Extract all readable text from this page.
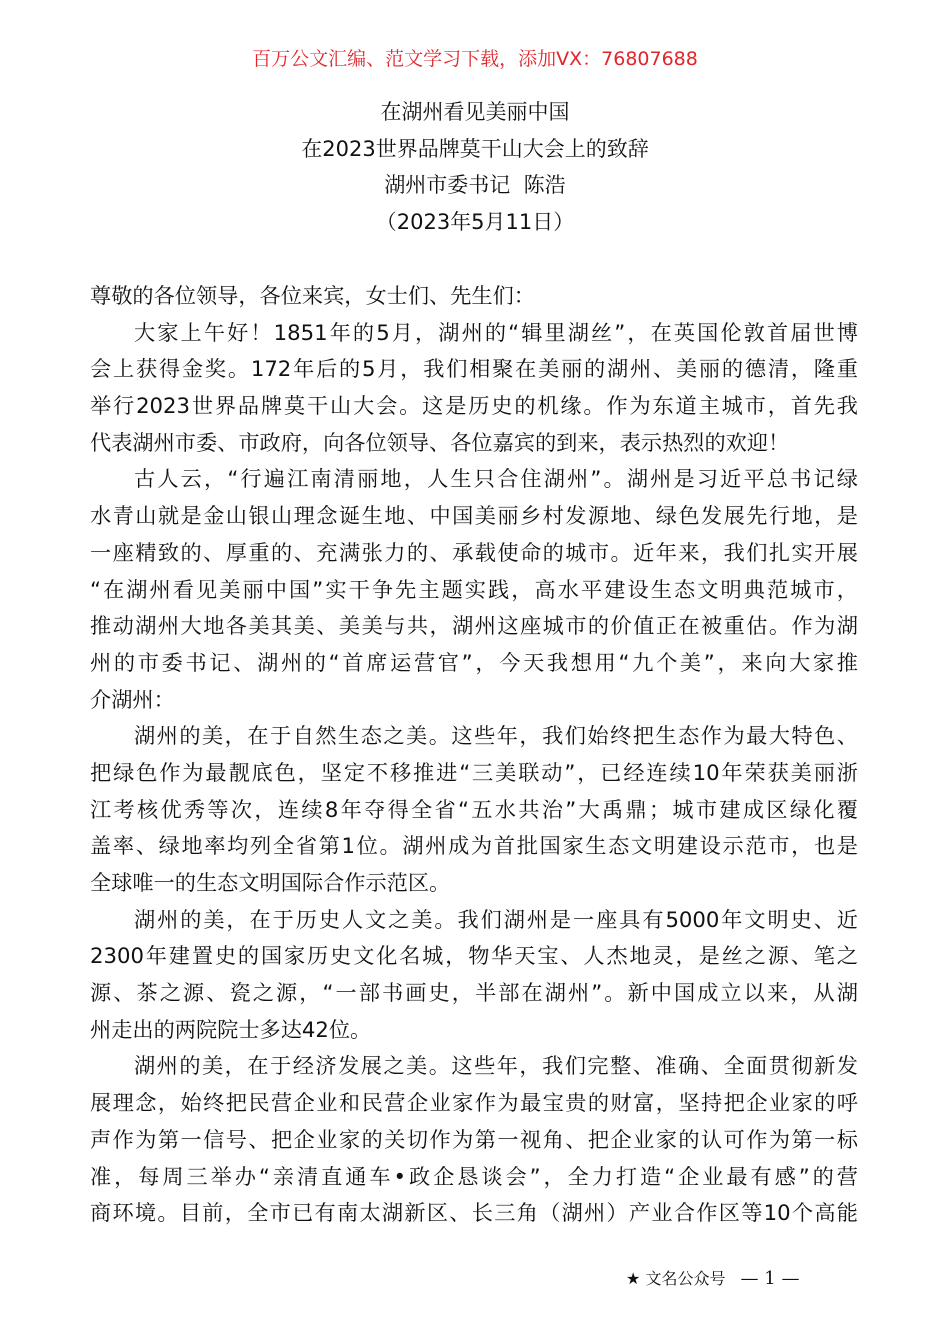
百万公文汇编、范文学习下载，添加VX：76807688
在湖州看见美丽中国
在2023世界品牌莫干山大会上的致辞
湖州市委书记  陈浩
（2023年5月11日）
尊敬的各位领导，各位来宾，女士们、先生们：
大家上午好！1851年的5月，湖州的“辑里湖丝”，在英国伦敦首届世博
会上获得金奖。172年后的5月，我们相聚在美丽的湖州、美丽的德清，隆重
举行2023世界品牌莫干山大会。这是历史的机缘。作为东道主城市，首先我
代表湖州市委、市政府，向各位领导、各位嘉宾的到来，表示热烈的欢迎！
古人云，“行遍江南清丽地，人生只合住湖州”。湖州是习近平总书记绿
水青山就是金山银山理念诞生地、中国美丽乡村发源地、绿色发展先行地，是
一座精致的、厚重的、充满张力的、承载使命的城市。近年来，我们扎实开展
“在湖州看见美丽中国”实干争先主题实践，高水平建设生态文明典范城市，
推动湖州大地各美其美、美美与共，湖州这座城市的价值正在被重估。作为湖
州的市委书记、湖州的“首席运营官”，今天我想用“九个美”，来向大家推
介湖州：
湖州的美，在于自然生态之美。这些年，我们始终把生态作为最大特色、
把绿色作为最靓底色，坚定不移推进“三美联动”，已经连续10年荣获美丽浙
江考核优秀等次，连续8年夺得全省“五水共治”大禹鼎；城市建成区绿化覆
盖率、绿地率均列全省第1位。湖州成为首批国家生态文明建设示范市，也是
全球唯一的生态文明国际合作示范区。
湖州的美，在于历史人文之美。我们湖州是一座具有5000年文明史、近
2300年建置史的国家历史文化名城，物华天宝、人杰地灵，是丝之源、笔之
源、茶之源、瓷之源，“一部书画史，半部在湖州”。新中国成立以来，从湖
州走出的两院院士多达42位。
湖州的美，在于经济发展之美。这些年，我们完整、准确、全面贯彻新发
展理念，始终把民营企业和民营企业家作为最宝贵的财富，坚持把企业家的呼
声作为第一信号、把企业家的关切作为第一视角、把企业家的认可作为第一标
准，每周三举办“亲清直通车•政企恳谈会”，全力打造“企业最有感”的营
商环境。目前，全市已有南太湖新区、长三角（湖州）产业合作区等10个高能
★ 文名公众号 — 1 —
